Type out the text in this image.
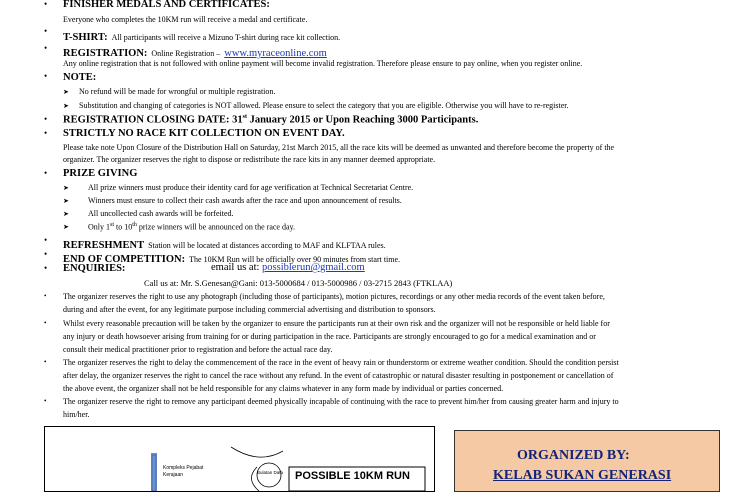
• FINISHER MEDALS AND CERTIFICATES:
Everyone who completes the 10KM run will receive a medal and certificate.
•
T-SHIRT: All participants will receive a Mizuno T-shirt during race kit collection.
• REGISTRATION: Online Registration – www.myraceonline.com
Any online registration that is not followed with online payment will become invalid registration. Therefore please ensure to pay online, when you register online.
• NOTE:
➤ No refund will be made for wrongful or multiple registration.
➤ Substitution and changing of categories is NOT allowed. Please ensure to select the category that you are eligible. Otherwise you will have to re-register.
• REGISTRATION CLOSING DATE: 31st January 2015 or Upon Reaching 3000 Participants.
• STRICTLY NO RACE KIT COLLECTION ON EVENT DAY.
Please take note Upon Closure of the Distribution Hall on Saturday, 21st March 2015, all the race kits will be deemed as unwanted and therefore become the property of the
organizer. The organizer reserves the right to dispose or redistribute the race kits in any manner deemed appropriate.
• PRIZE GIVING
➤ All prize winners must produce their identity card for age verification at Technical Secretariat Centre.
➤ Winners must ensure to collect their cash awards after the race and upon announcement of results.
➤ All uncollected cash awards will be forfeited.
➤ Only 1st to 10th prize winners will be announced on the race day.
• REFRESHMENT Station will be located at distances according to MAF and KLFTAA rules.
• END OF COMPETITION: The 10KM Run will be officially over 90 minutes from start time.
• ENQUIRIES:	email us at: possiblerun@gmail.com
Call us at: Mr. S.Genesan@Gani: 013-5000684 / 013-5000986 / 03-2715 2843 (FTKLAA)
• The organizer reserves the right to use any photograph (including those of participants), motion pictures, recordings or any other media records of the event taken before,
during and after the event, for any legitimate purpose including commercial advertising and distribution to sponsors.
• Whilst every reasonable precaution will be taken by the organizer to ensure the participants run at their own risk and the organizer will not be responsible or held liable for
any injury or death howsoever arising from training for or during participation in the race. Participants are strongly encouraged to go for a medical examination and or
consult their medical practitioner prior to registration and before the actual race day.
• The organizer reserves the right to delay the commencement of the race in the event of heavy rain or thunderstorm or extreme weather condition. Should the condition persist
after delay, the organizer reserves the right to cancel the race without any refund. In the event of catastrophic or natural disaster resulting in postponement or cancellation of
the above event, the organizer shall not be held responsible for any claims whatever in any form made by individual or parties concerned.
• The organizer reserve the right to remove any participant deemed physically incapable of continuing with the race to prevent him/her from causing greater harm and injury to
him/her.
Kompleks Pejabat
Kerajaan	Bulatan Data POSSIBLE 10KM RUN
ORGANIZED BY:
KELAB SUKAN GENERASI
